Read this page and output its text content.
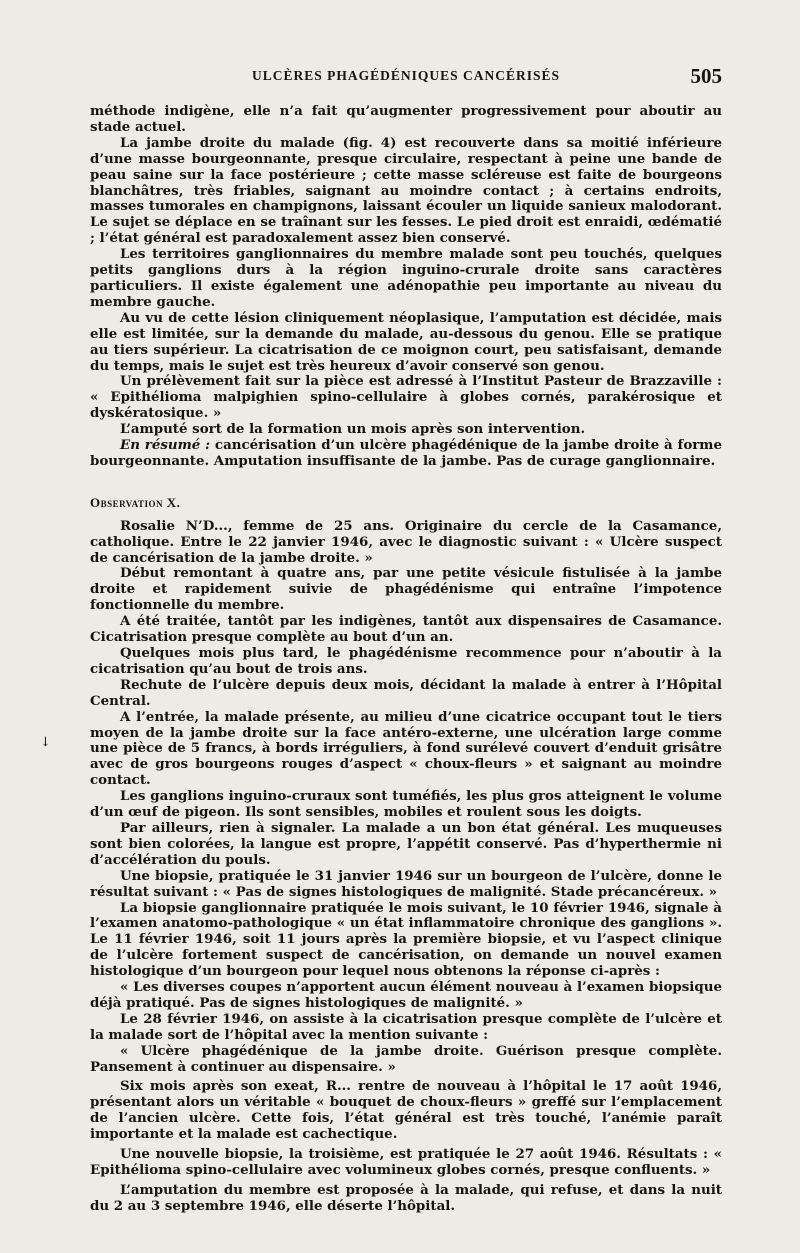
ULCÈRES PHAGÉDÉNIQUES CANCÉRISÉS	505
↓

méthode indigène, elle n’a fait qu’augmenter progressivement pour aboutir au stade actuel.

La jambe droite du malade (fig. 4) est recouverte dans sa moitié inférieure d’une masse bourgeonnante, presque circulaire, respectant à peine une bande de peau saine sur la face postérieure ; cette masse scléreuse est faite de bourgeons blanchâtres, très friables, saignant au moindre contact ; à certains endroits, masses tumorales en champignons, laissant écouler un liquide sanieux malodorant. Le sujet se déplace en se traînant sur les fesses. Le pied droit est enraidi, œdématié ; l’état général est paradoxalement assez bien conservé.

Les territoires ganglionnaires du membre malade sont peu touchés, quelques petits ganglions durs à la région inguino-crurale droite sans caractères particuliers. Il existe également une adénopathie peu importante au niveau du membre gauche.

Au vu de cette lésion cliniquement néoplasique, l’amputation est décidée, mais elle est limitée, sur la demande du malade, au-dessous du genou. Elle se pratique au tiers supérieur. La cicatrisation de ce moignon court, peu satisfaisant, demande du temps, mais le sujet est très heureux d’avoir conservé son genou.

Un prélèvement fait sur la pièce est adressé à l’Institut Pasteur de Brazzaville : « Epithélioma malpighien spino-cellulaire à globes cornés, parakérosique et dyskératosique. »

L’amputé sort de la formation un mois après son intervention.

En résumé : cancérisation d’un ulcère phagédénique de la jambe droite à forme bourgeonnante. Amputation insuffisante de la jambe. Pas de curage ganglionnaire.

Observation X.

Rosalie N’D..., femme de 25 ans. Originaire du cercle de la Casamance, catholique. Entre le 22 janvier 1946, avec le diagnostic suivant : « Ulcère suspect de cancérisation de la jambe droite. »

Début remontant à quatre ans, par une petite vésicule fistulisée à la jambe droite et rapidement suivie de phagédénisme qui entraîne l’impotence fonctionnelle du membre.

A été traitée, tantôt par les indigènes, tantôt aux dispensaires de Casamance. Cicatrisation presque complète au bout d’un an.

Quelques mois plus tard, le phagédénisme recommence pour n’aboutir à la cicatrisation qu’au bout de trois ans.

Rechute de l’ulcère depuis deux mois, décidant la malade à entrer à l’Hôpital Central.

A l’entrée, la malade présente, au milieu d’une cicatrice occupant tout le tiers moyen de la jambe droite sur la face antéro-externe, une ulcération large comme une pièce de 5 francs, à bords irréguliers, à fond surélevé couvert d’enduit grisâtre avec de gros bourgeons rouges d’aspect « choux-fleurs » et saignant au moindre contact.

Les ganglions inguino-cruraux sont tuméfiés, les plus gros atteignent le volume d’un œuf de pigeon. Ils sont sensibles, mobiles et roulent sous les doigts.

Par ailleurs, rien à signaler. La malade a un bon état général. Les muqueuses sont bien colorées, la langue est propre, l’appétit conservé. Pas d’hyperthermie ni d’accélération du pouls.

Une biopsie, pratiquée le 31 janvier 1946 sur un bourgeon de l’ulcère, donne le résultat suivant : « Pas de signes histologiques de malignité. Stade précancéreux. »

La biopsie ganglionnaire pratiquée le mois suivant, le 10 février 1946, signale à l’examen anatomo-pathologique « un état inflammatoire chronique des ganglions ». Le 11 février 1946, soit 11 jours après la première biopsie, et vu l’aspect clinique de l’ulcère fortement suspect de cancérisation, on demande un nouvel examen histologique d’un bourgeon pour lequel nous obtenons la réponse ci-après :

« Les diverses coupes n’apportent aucun élément nouveau à l’examen biopsique déjà pratiqué. Pas de signes histologiques de malignité. »

Le 28 février 1946, on assiste à la cicatrisation presque complète de l’ulcère et la malade sort de l’hôpital avec la mention suivante :

« Ulcère phagédénique de la jambe droite. Guérison presque complète. Pansement à continuer au dispensaire. »

Six mois après son exeat, R... rentre de nouveau à l’hôpital le 17 août 1946, présentant alors un véritable « bouquet de choux-fleurs » greffé sur l’emplacement de l’ancien ulcère. Cette fois, l’état général est très touché, l’anémie paraît importante et la malade est cachectique.

Une nouvelle biopsie, la troisième, est pratiquée le 27 août 1946. Résultats : « Epithélioma spino-cellulaire avec volumineux globes cornés, presque confluents. »

L’amputation du membre est proposée à la malade, qui refuse, et dans la nuit du 2 au 3 septembre 1946, elle déserte l’hôpital.
